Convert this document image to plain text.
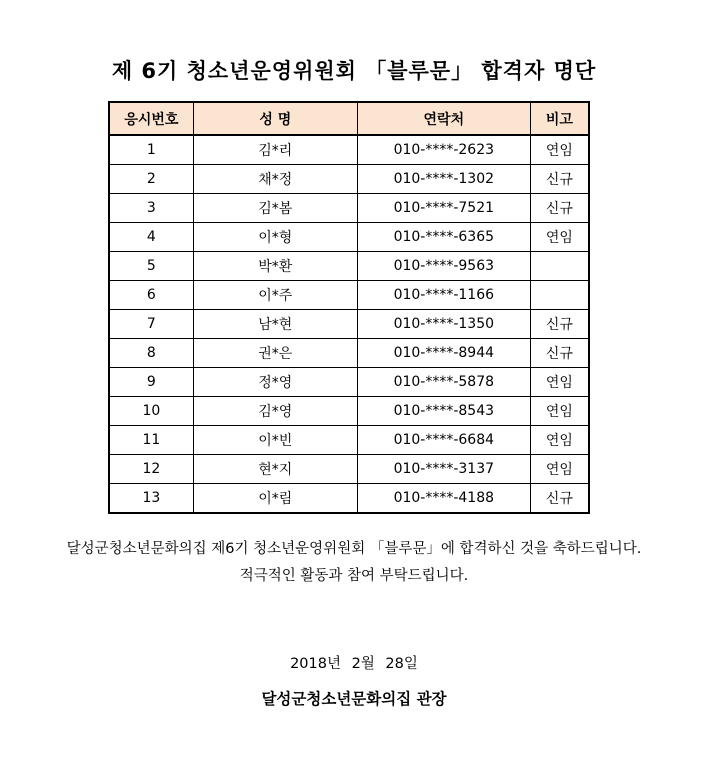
제 6기 청소년운영위원회 「블루문」 합격자 명단
응시번호	성 명	연락처	비고
1	김*리	010-****-2623	연임
2	채*정	010-****-1302	신규
3	김*봄	010-****-7521	신규
4	이*형	010-****-6365	연임
5	박*환	010-****-9563	
6	이*주	010-****-1166	
7	남*현	010-****-1350	신규
8	권*은	010-****-8944	신규
9	정*영	010-****-5878	연임
10	김*영	010-****-8543	연임
11	이*빈	010-****-6684	연임
12	현*지	010-****-3137	연임
13	이*림	010-****-4188	신규
달성군청소년문화의집 제6기 청소년운영위원회 「블루문」에 합격하신 것을 축하드립니다.
적극적인 활동과 참여 부탁드립니다.
2018년 2월 28일
달성군청소년문화의집 관장
